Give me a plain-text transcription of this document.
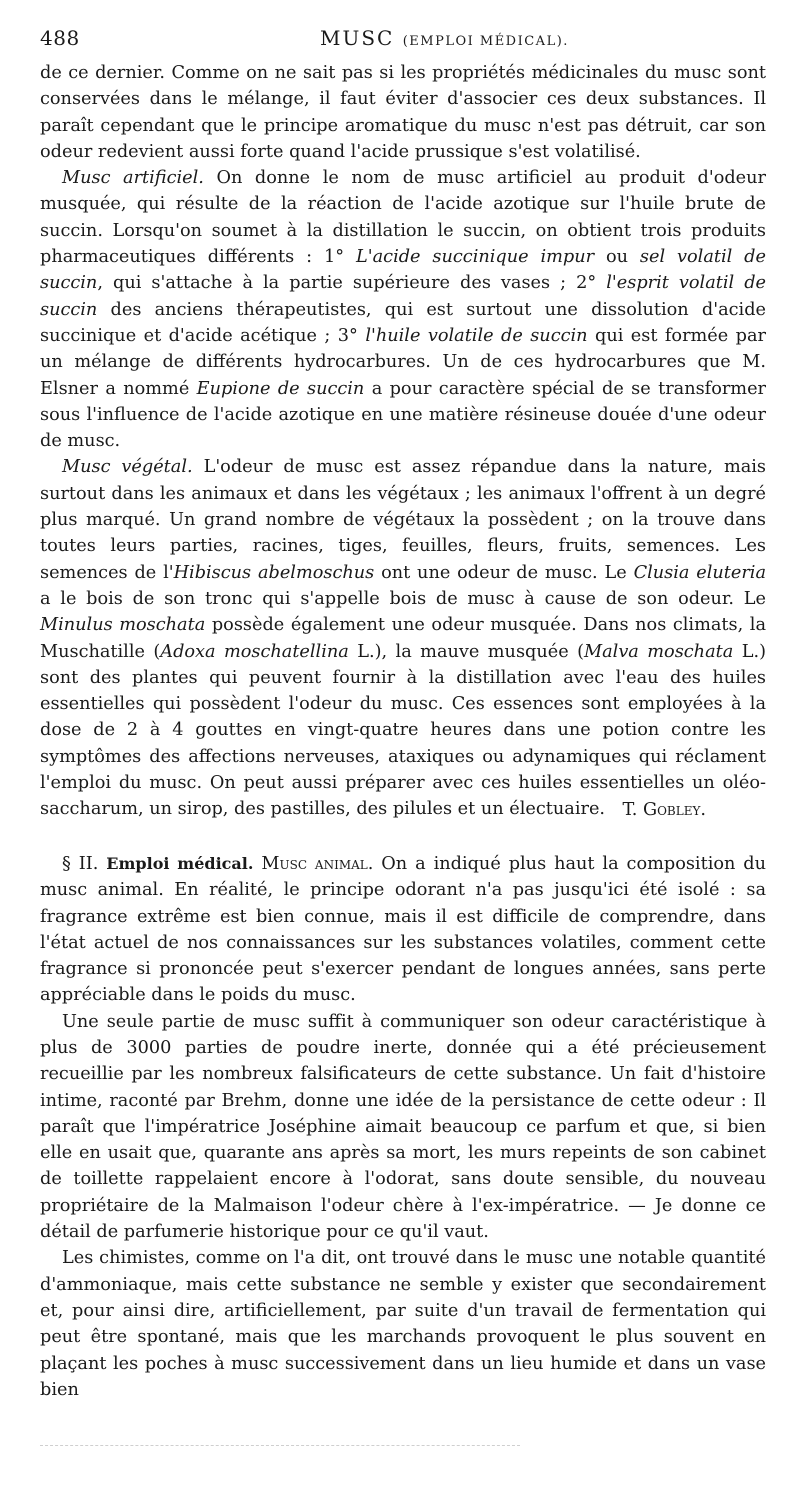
488	MUSC (EMPLOI MÉDICAL).

de ce dernier. Comme on ne sait pas si les propriétés médicinales du musc sont conservées dans le mélange, il faut éviter d'associer ces deux substances. Il paraît cependant que le principe aromatique du musc n'est pas détruit, car son odeur redevient aussi forte quand l'acide prussique s'est volatilisé.

Musc artificiel. On donne le nom de musc artificiel au produit d'odeur musquée, qui résulte de la réaction de l'acide azotique sur l'huile brute de succin. Lorsqu'on soumet à la distillation le succin, on obtient trois produits pharmaceutiques différents : 1° L'acide succinique impur ou sel volatil de succin, qui s'attache à la partie supérieure des vases ; 2° l'esprit volatil de succin des anciens thérapeutistes, qui est surtout une dissolution d'acide succinique et d'acide acétique ; 3° l'huile volatile de succin qui est formée par un mélange de différents hydrocarbures. Un de ces hydrocarbures que M. Elsner a nommé Eupione de succin a pour caractère spécial de se transformer sous l'influence de l'acide azotique en une matière résineuse douée d'une odeur de musc.

Musc végétal. L'odeur de musc est assez répandue dans la nature, mais surtout dans les animaux et dans les végétaux ; les animaux l'offrent à un degré plus marqué. Un grand nombre de végétaux la possèdent ; on la trouve dans toutes leurs parties, racines, tiges, feuilles, fleurs, fruits, semences. Les semences de l'Hibiscus abelmoschus ont une odeur de musc. Le Clusia eluteria a le bois de son tronc qui s'appelle bois de musc à cause de son odeur. Le Minulus moschata possède également une odeur musquée. Dans nos climats, la Muschatille (Adoxa moschatellina L.), la mauve musquée (Malva moschata L.) sont des plantes qui peuvent fournir à la distillation avec l'eau des huiles essentielles qui possèdent l'odeur du musc. Ces essences sont employées à la dose de 2 à 4 gouttes en vingt-quatre heures dans une potion contre les symptômes des affections nerveuses, ataxiques ou adynamiques qui réclament l'emploi du musc. On peut aussi préparer avec ces huiles essentielles un oléo-saccharum, un sirop, des pastilles, des pilules et un électuaire. T. Gobley.

§ II. Emploi médical. Musc animal. On a indiqué plus haut la composition du musc animal. En réalité, le principe odorant n'a pas jusqu'ici été isolé : sa fragrance extrême est bien connue, mais il est difficile de comprendre, dans l'état actuel de nos connaissances sur les substances volatiles, comment cette fragrance si prononcée peut s'exercer pendant de longues années, sans perte appréciable dans le poids du musc.

Une seule partie de musc suffit à communiquer son odeur caractéristique à plus de 3000 parties de poudre inerte, donnée qui a été précieusement recueillie par les nombreux falsificateurs de cette substance. Un fait d'histoire intime, raconté par Brehm, donne une idée de la persistance de cette odeur : Il paraît que l'impératrice Joséphine aimait beaucoup ce parfum et que, si bien elle en usait que, quarante ans après sa mort, les murs repeints de son cabinet de toillette rappelaient encore à l'odorat, sans doute sensible, du nouveau propriétaire de la Malmaison l'odeur chère à l'ex-impératrice. — Je donne ce détail de parfumerie historique pour ce qu'il vaut.

Les chimistes, comme on l'a dit, ont trouvé dans le musc une notable quantité d'ammoniaque, mais cette substance ne semble y exister que secondairement et, pour ainsi dire, artificiellement, par suite d'un travail de fermentation qui peut être spontané, mais que les marchands provoquent le plus souvent en plaçant les poches à musc successivement dans un lieu humide et dans un vase bien
